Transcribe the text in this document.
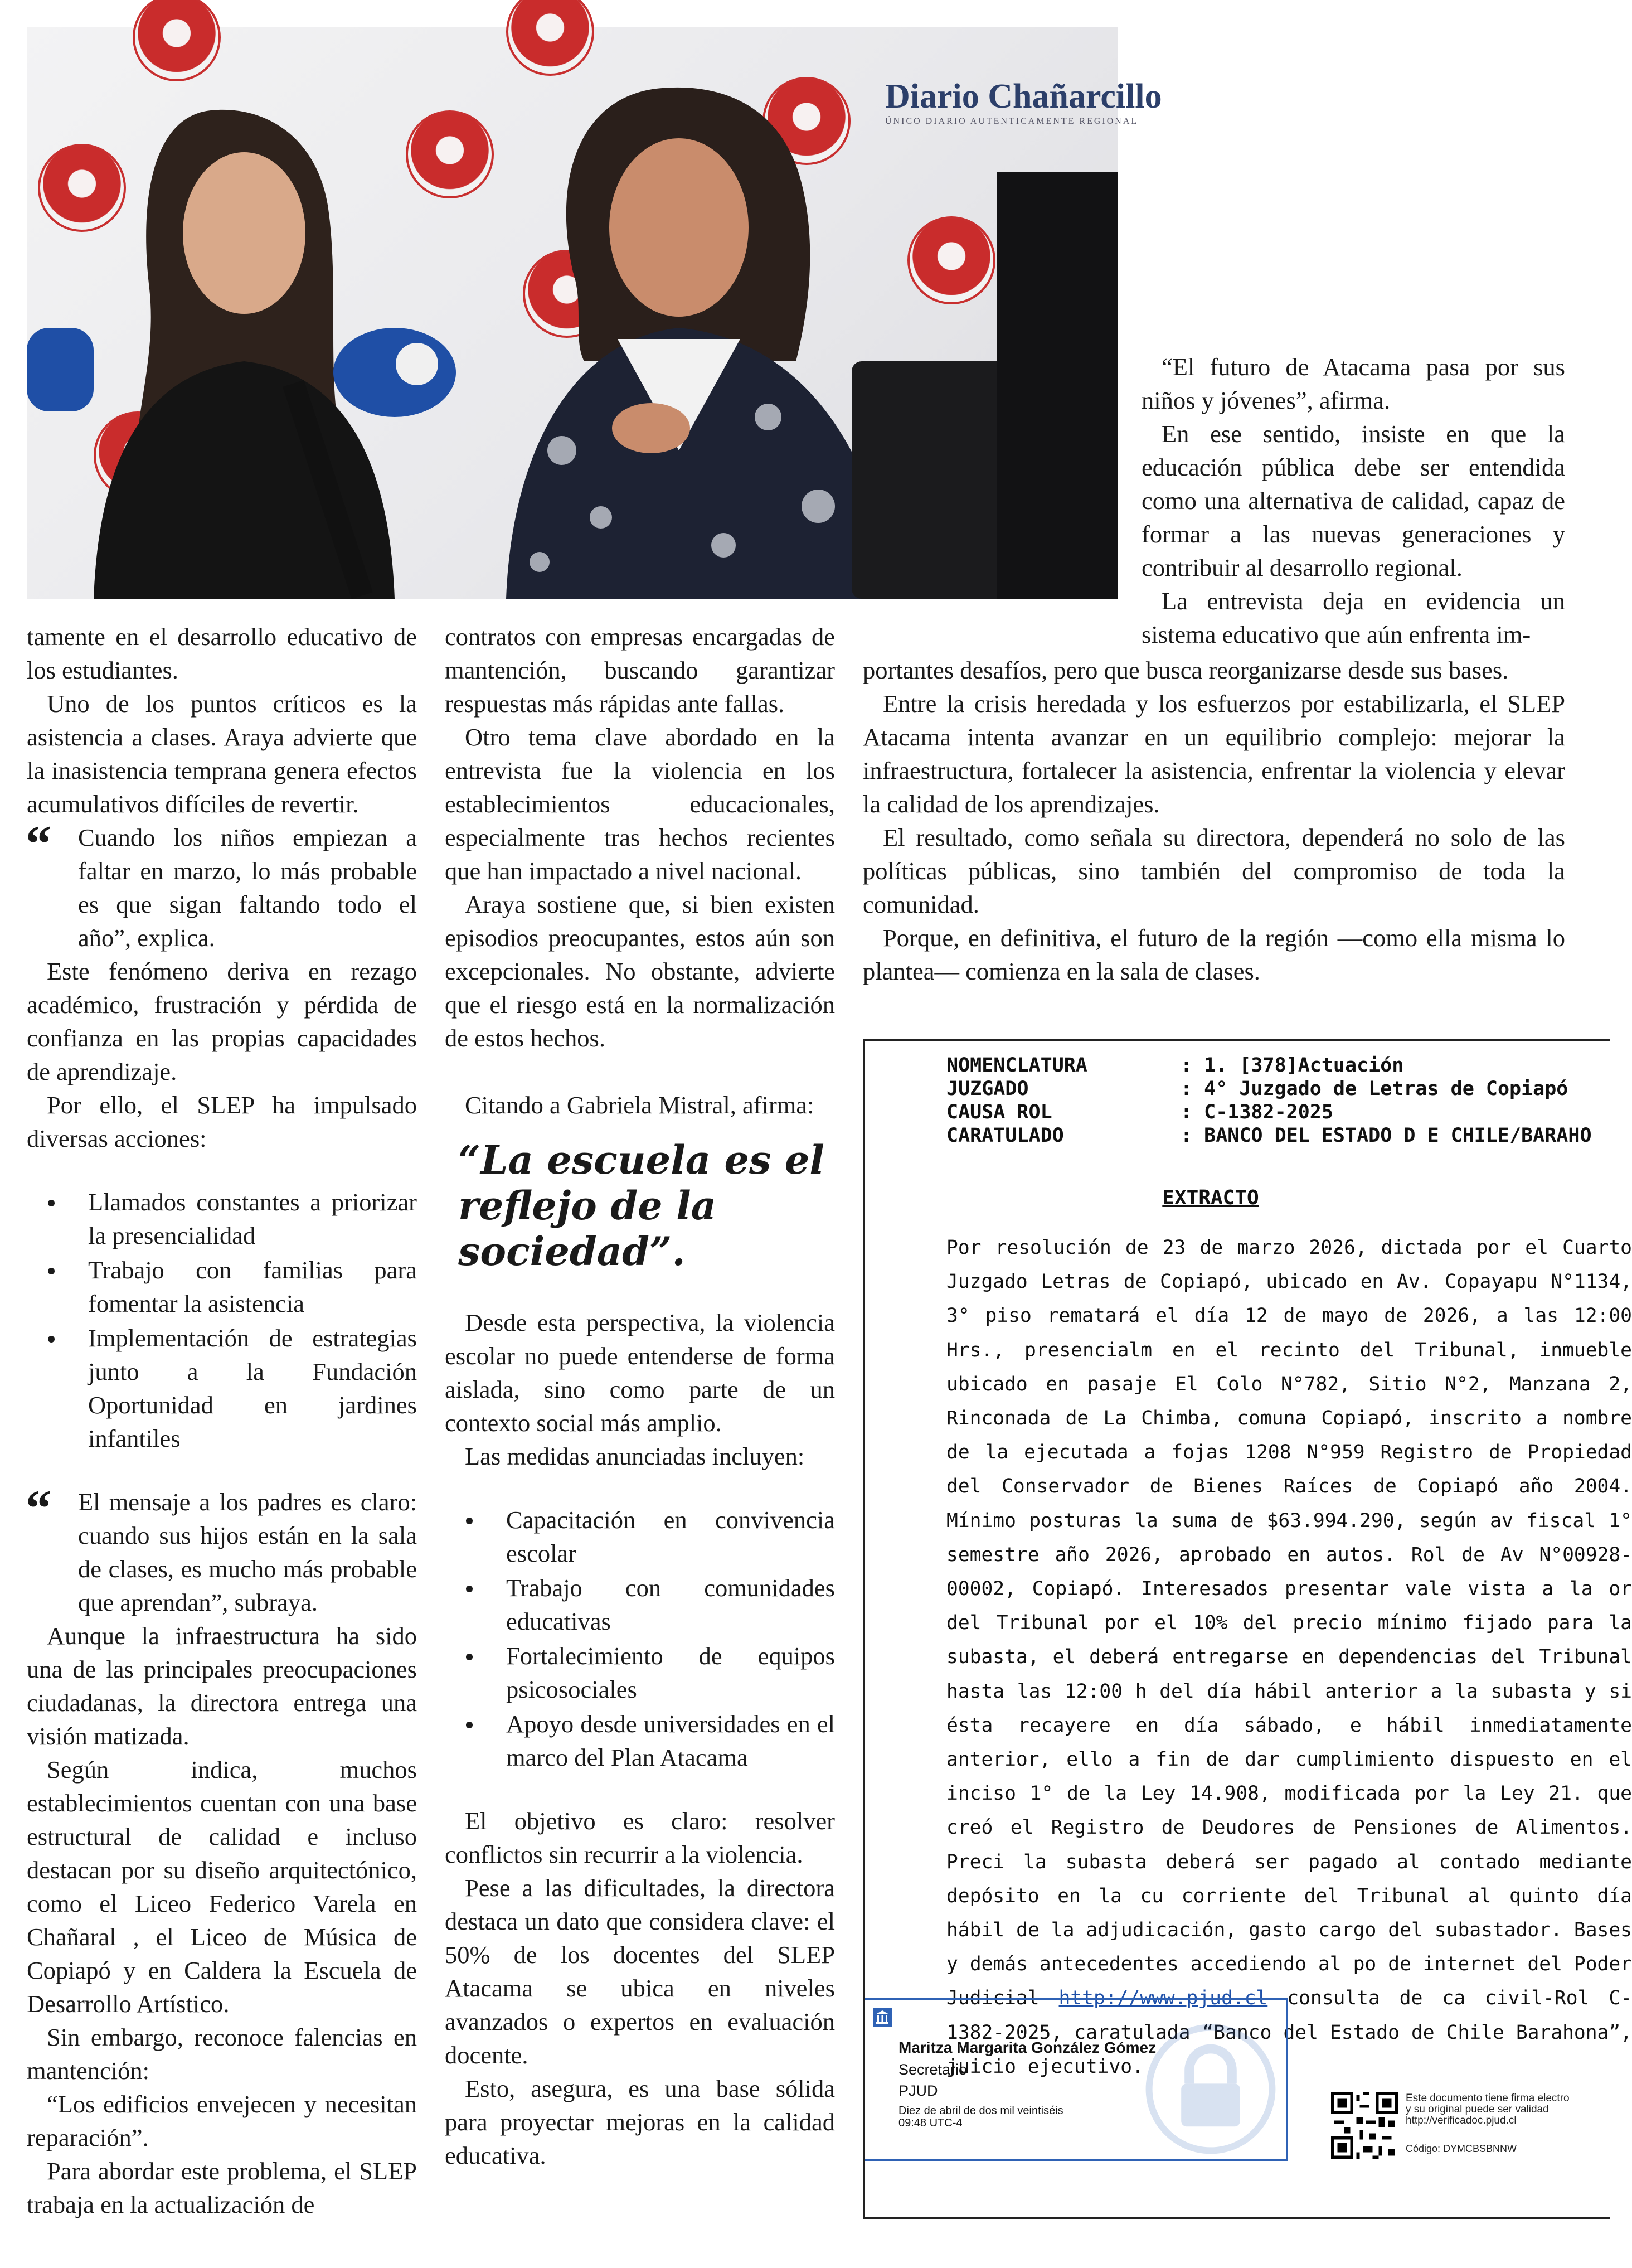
Diario Chañarcillo
ÚNICO DIARIO AUTENTICAMENTE REGIONAL

tamente en el desarrollo educativo de los estudiantes.

Uno de los puntos críticos es la asistencia a clases. Araya advierte que la inasistencia temprana genera efectos acumulativos difíciles de revertir.

“	Cuando los niños empiezan a faltar en marzo, lo más probable es que sigan faltando todo el año”, explica.

Este fenómeno deriva en rezago académico, frustración y pérdida de confianza en las propias capacidades de aprendizaje.

Por ello, el SLEP ha impulsado diversas acciones:

Llamados constantes a priorizar la presencialidad
Trabajo con familias para fomentar la asistencia
Implementación de estrategias junto a la Fundación Oportunidad en jardines infantiles
“	El mensaje a los padres es claro: cuando sus hijos están en la sala de clases, es mucho más probable que aprendan”, subraya.

Aunque la infraestructura ha sido una de las principales preocupaciones ciudadanas, la directora entrega una visión matizada.

Según indica, muchos establecimientos cuentan con una base estructural de calidad e incluso destacan por su diseño arquitectónico, como el Liceo Federico Varela en Chañaral , el Liceo de Música de Copiapó y en Caldera la Escuela de Desarrollo Artístico.

Sin embargo, reconoce falencias en mantención:

“Los edificios envejecen y necesitan reparación”.

Para abordar este problema, el SLEP trabaja en la actualización de

contratos con empresas encargadas de mantención, buscando garantizar respuestas más rápidas ante fallas.

Otro tema clave abordado en la entrevista fue la violencia en los establecimientos educacionales, especialmente tras hechos recientes que han impactado a nivel nacional.

Araya sostiene que, si bien existen episodios preocupantes, estos aún son excepcionales. No obstante, advierte que el riesgo está en la normalización de estos hechos.

Citando a Gabriela Mistral, afirma:

“La escuela es el reflejo de la sociedad”.

Desde esta perspectiva, la violencia escolar no puede entenderse de forma aislada, sino como parte de un contexto social más amplio.

Las medidas anunciadas incluyen:

Capacitación en convivencia escolar
Trabajo con comunidades educativas
Fortalecimiento de equipos psicosociales
Apoyo desde universidades en el marco del Plan Atacama

El objetivo es claro: resolver conflictos sin recurrir a la violencia.

Pese a las dificultades, la directora destaca un dato que considera clave: el 50% de los docentes del SLEP Atacama se ubica en niveles avanzados o expertos en evaluación docente.

Esto, asegura, es una base sólida para proyectar mejoras en la calidad educativa.

“El futuro de Atacama pasa por sus niños y jóvenes”, afirma.

En ese sentido, insiste en que la educación pública debe ser entendida como una alternativa de calidad, capaz de formar a las nuevas generaciones y contribuir al desarrollo regional.

La entrevista deja en evidencia un sistema educativo que aún enfrenta im-

portantes desafíos, pero que busca reorganizarse desde sus bases.

Entre la crisis heredada y los esfuerzos por estabilizarla, el SLEP Atacama intenta avanzar en un equilibrio complejo: mejorar la infraestructura, fortalecer la asistencia, enfrentar la violencia y elevar la calidad de los aprendizajes.

El resultado, como señala su directora, dependerá no solo de las políticas públicas, sino también del compromiso de toda la comunidad.

Porque, en definitiva, el futuro de la región —como ella misma lo plantea— comienza en la sala de clases.

NOMENCLATURA	: 1. [378]Actuación
JUZGADO	: 4° Juzgado de Letras de Copiapó
CAUSA ROL	: C-1382-2025
CARATULADO	: BANCO DEL ESTADO D E CHILE/BARAHO
EXTRACTO
Por resolución de 23 de marzo 2026, dictada por el Cuarto Juzgado Letras de Copiapó, ubicado en Av. Copayapu N°1134, 3° piso rematará el día 12 de mayo de 2026, a las 12:00 Hrs., presencialm en el recinto del Tribunal, inmueble ubicado en pasaje El Colo N°782, Sitio N°2, Manzana 2, Rinconada de La Chimba, comuna Copiapó, inscrito a nombre de la ejecutada a fojas 1208 N°959 Registro de Propiedad del Conservador de Bienes Raíces de Copiapó año 2004. Mínimo posturas la suma de $63.994.290, según av fiscal 1° semestre año 2026, aprobado en autos. Rol de Av N°00928-00002, Copiapó. Interesados presentar vale vista a la or del Tribunal por el 10% del precio mínimo fijado para la subasta, el deberá entregarse en dependencias del Tribunal hasta las 12:00 h del día hábil anterior a la subasta y si ésta recayere en día sábado, e hábil inmediatamente anterior, ello a fin de dar cumplimiento dispuesto en el inciso 1° de la Ley 14.908, modificada por la Ley 21. que creó el Registro de Deudores de Pensiones de Alimentos. Preci la subasta deberá ser pagado al contado mediante depósito en la cu corriente del Tribunal al quinto día hábil de la adjudicación, gasto cargo del subastador. Bases y demás antecedentes accediendo al po de internet del Poder Judicial http://www.pjud.cl consulta de ca civil-Rol C-1382-2025, caratulada “Banco del Estado de Chile Barahona”, juicio ejecutivo.
Maritza Margarita González Gómez
Secretario
PJUD
Diez de abril de dos mil veintiséis
09:48 UTC-4
Este documento tiene firma electro
y su original puede ser validad
http://verificadoc.pjud.cl
Código: DYMCBSBNNW
